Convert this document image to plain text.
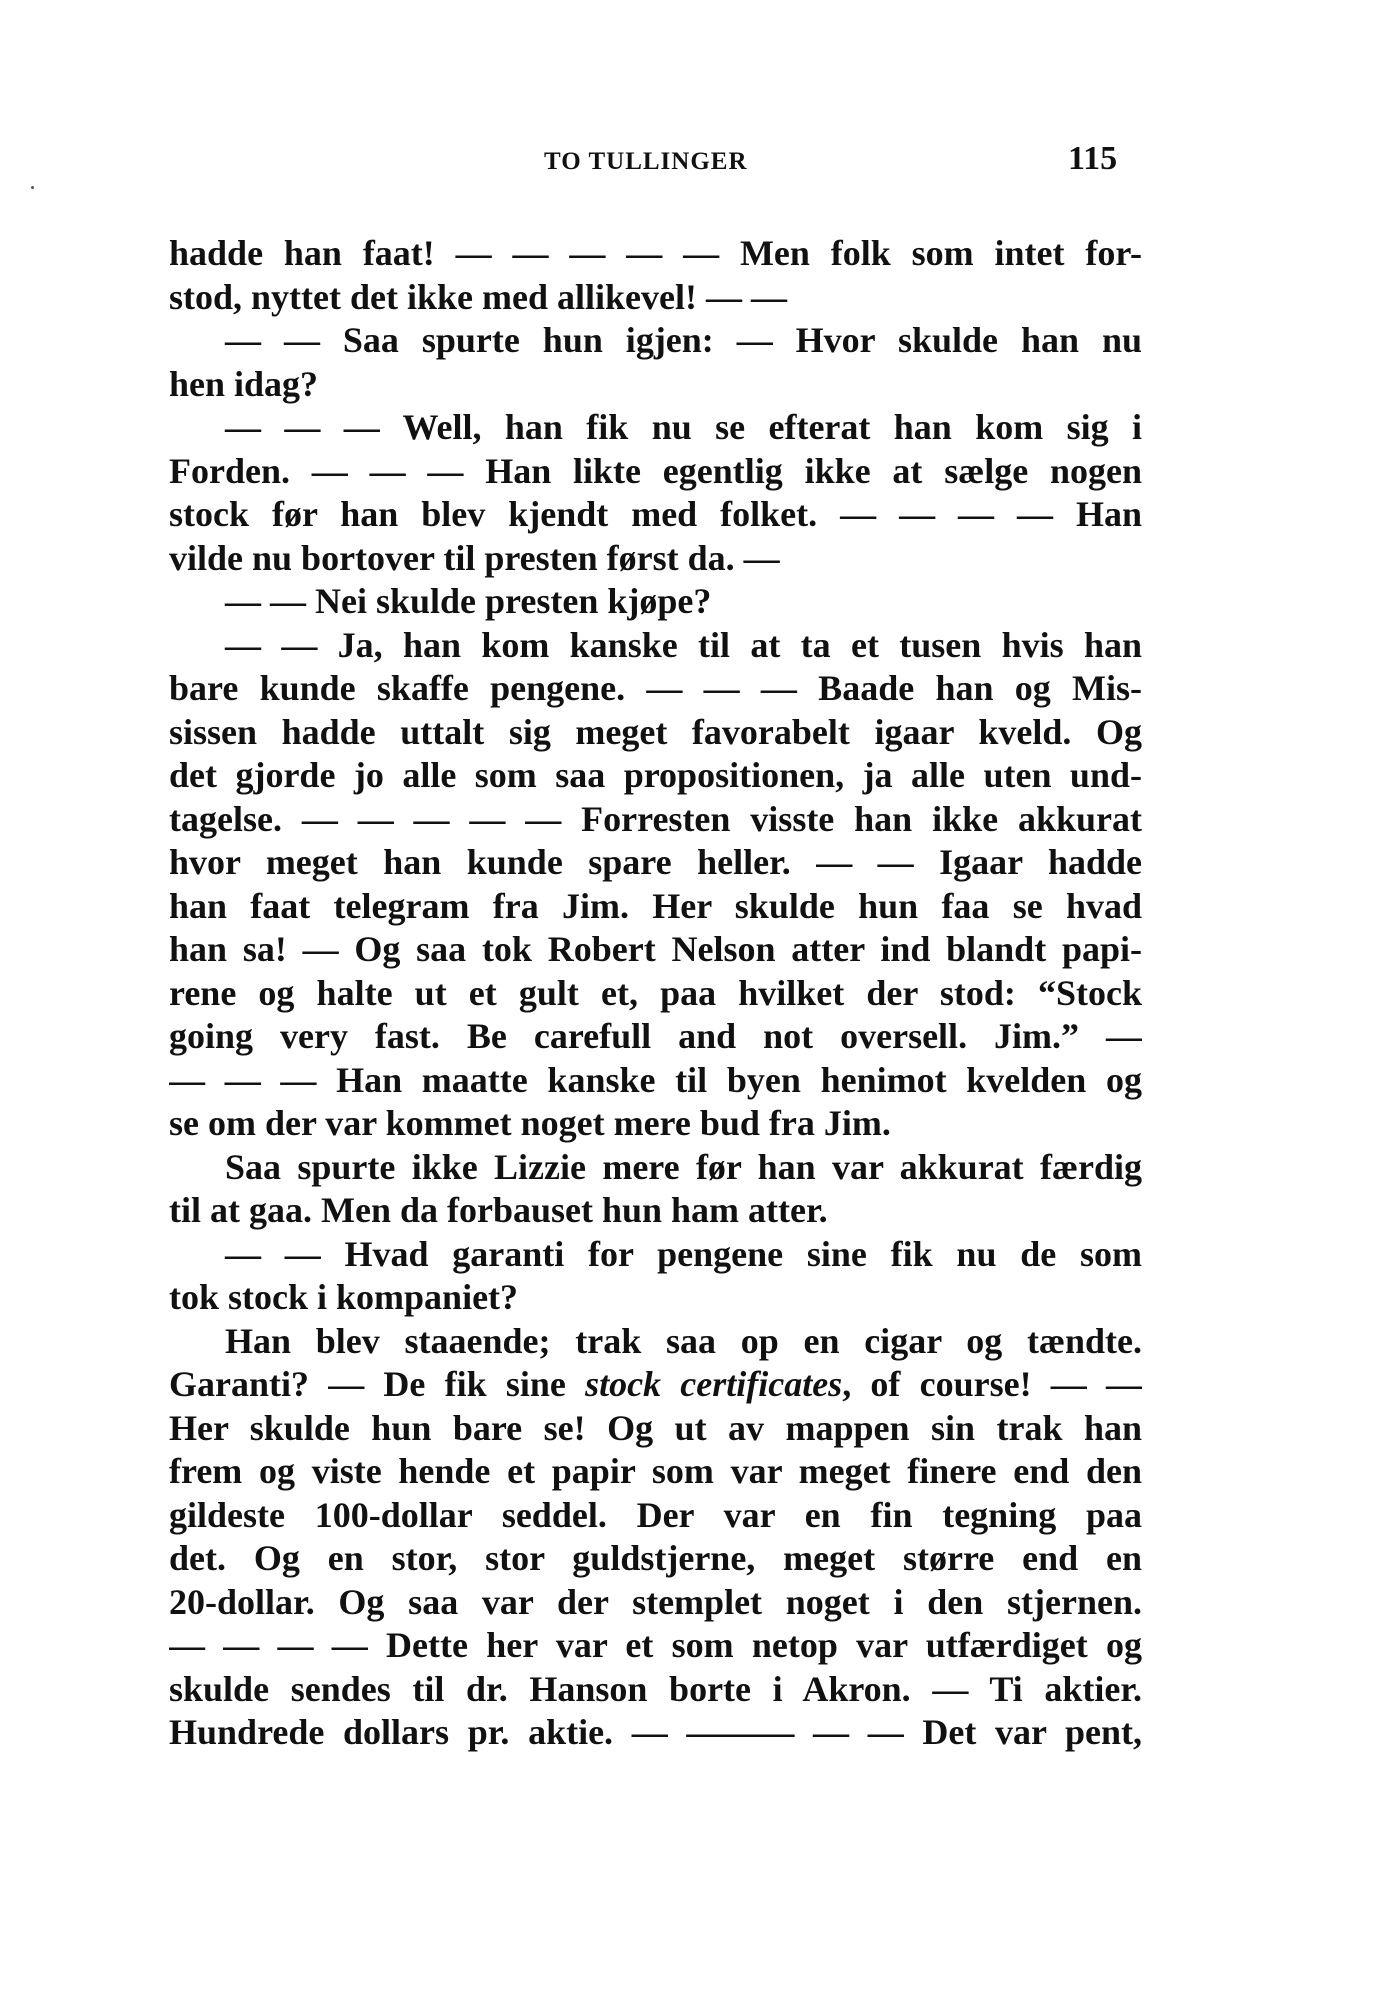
TO TULLINGER	115
hadde han faat! — — — — — Men folk som intet for-
stod, nyttet det ikke med allikevel! — —
— — Saa spurte hun igjen: — Hvor skulde han nu
hen idag?
— — — Well, han fik nu se efterat han kom sig i
Forden. — — — Han likte egentlig ikke at sælge nogen
stock før han blev kjendt med folket. — — — — Han
vilde nu bortover til presten først da. —
— — Nei skulde presten kjøpe?
— — Ja, han kom kanske til at ta et tusen hvis han
bare kunde skaffe pengene. — — — Baade han og Mis-
sissen hadde uttalt sig meget favorabelt igaar kveld. Og
det gjorde jo alle som saa propositionen, ja alle uten und-
tagelse. — — — — — Forresten visste han ikke akkurat
hvor meget han kunde spare heller. — — Igaar hadde
han faat telegram fra Jim. Her skulde hun faa se hvad
han sa! — Og saa tok Robert Nelson atter ind blandt papi-
rene og halte ut et gult et, paa hvilket der stod: “Stock
going very fast. Be carefull and not oversell. Jim.” —
— — — Han maatte kanske til byen henimot kvelden og
se om der var kommet noget mere bud fra Jim.
Saa spurte ikke Lizzie mere før han var akkurat færdig
til at gaa. Men da forbauset hun ham atter.
— — Hvad garanti for pengene sine fik nu de som
tok stock i kompaniet?
Han blev staaende; trak saa op en cigar og tændte.
Garanti? — De fik sine stock certificates, of course! — —
Her skulde hun bare se! Og ut av mappen sin trak han
frem og viste hende et papir som var meget finere end den
gildeste 100-dollar seddel. Der var en fin tegning paa
det. Og en stor, stor guldstjerne, meget større end en
20-dollar. Og saa var der stemplet noget i den stjernen.
— — — — Dette her var et som netop var utfærdiget og
skulde sendes til dr. Hanson borte i Akron. — Ti aktier.
Hundrede dollars pr. aktie. — ——— — — Det var pent,
